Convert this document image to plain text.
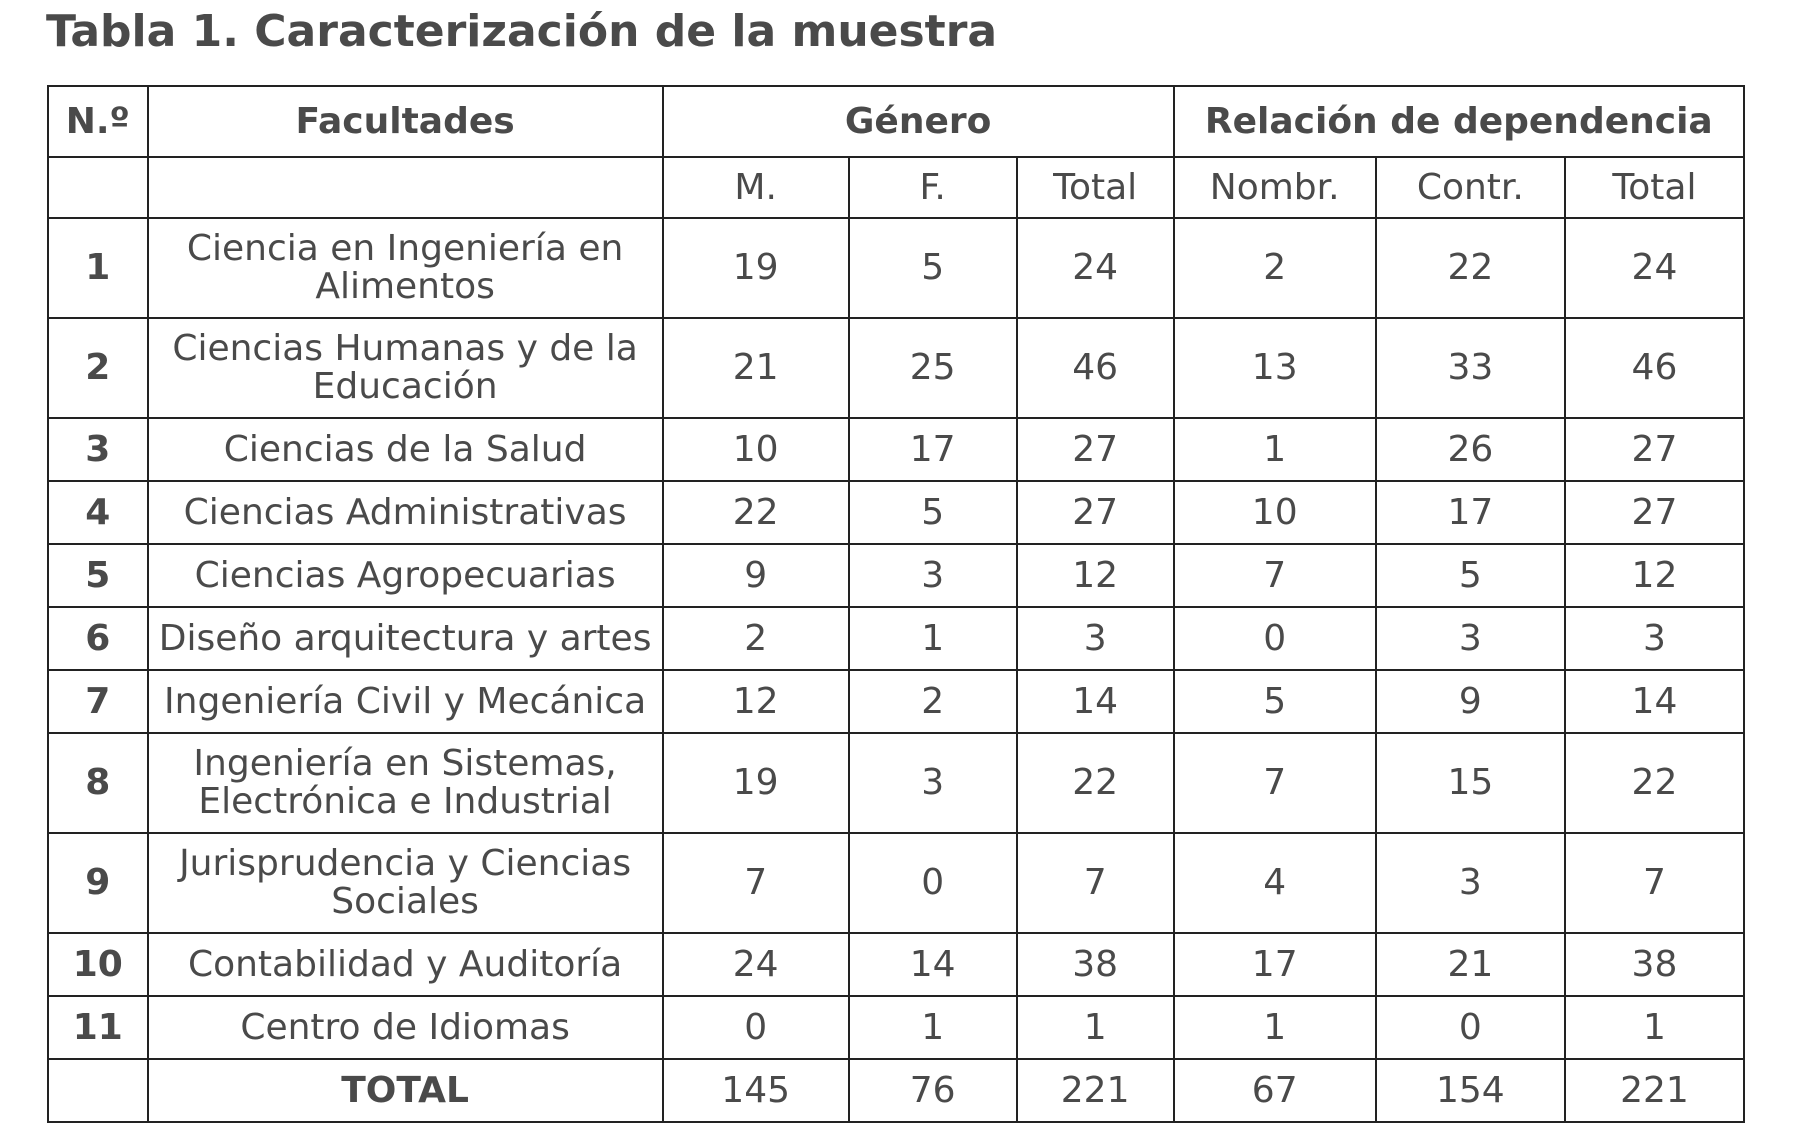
Tabla 1. Caracterización de la muestra
N.º	Facultades	Género			Relación de dependencia		
		M.	F.	Total	Nombr.	Contr.	Total
1	Ciencia en Ingeniería en Alimentos	19	5	24	2	22	24
2	Ciencias Humanas y de la Educación	21	25	46	13	33	46
3	Ciencias de la Salud	10	17	27	1	26	27
4	Ciencias Administrativas	22	5	27	10	17	27
5	Ciencias Agropecuarias	9	3	12	7	5	12
6	Diseño arquitectura y artes	2	1	3	0	3	3
7	Ingeniería Civil y Mecánica	12	2	14	5	9	14
8	Ingeniería en Sistemas, Electrónica e Industrial	19	3	22	7	15	22
9	Jurisprudencia y Ciencias Sociales	7	0	7	4	3	7
10	Contabilidad y Auditoría	24	14	38	17	21	38
11	Centro de Idiomas	0	1	1	1	0	1
	TOTAL	145	76	221	67	154	221
